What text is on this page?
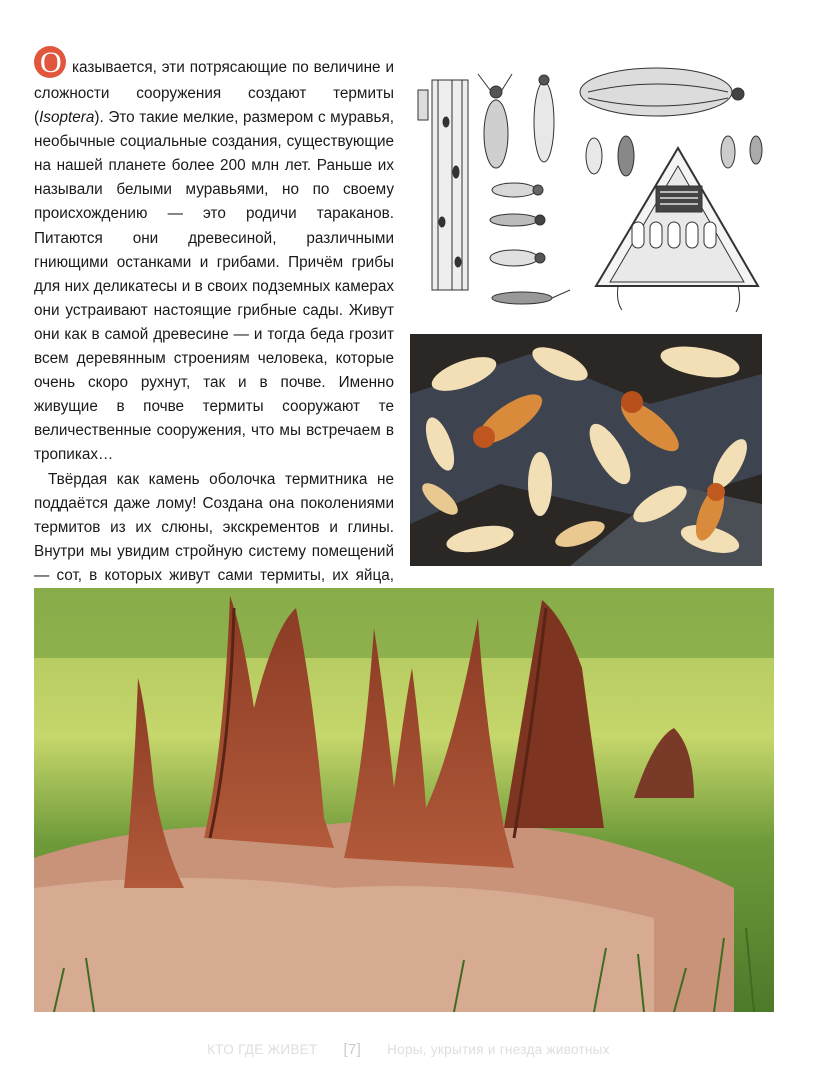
О казывается, эти потрясающие по величине и сложности сооружения создают термиты (Isoptera). Это такие мелкие, размером с муравья, необычные социальные создания, существующие на нашей планете более 200 млн лет. Раньше их называли белыми муравьями, но по своему происхождению — это родичи тараканов. Питаются они древесиной, различными гниющими останками и грибами. Причём грибы для них деликатесы и в своих подземных камерах они устраивают настоящие грибные сады. Живут они как в самой древесине — и тогда беда грозит всем деревянным строениям человека, которые очень скоро рухнут, так и в почве. Именно живущие в почве термиты сооружают те величественные сооружения, что мы встречаем в тропиках…

Твёрдая как камень оболочка термитника не поддаётся даже лому! Создана она поколениями термитов из их слюны, экскрементов и глины. Внутри мы увидим стройную систему помещений — сот, в которых живут сами термиты, их яйца,

КТО ГДЕ ЖИВЕТ [7] Норы, укрытия и гнезда животных
